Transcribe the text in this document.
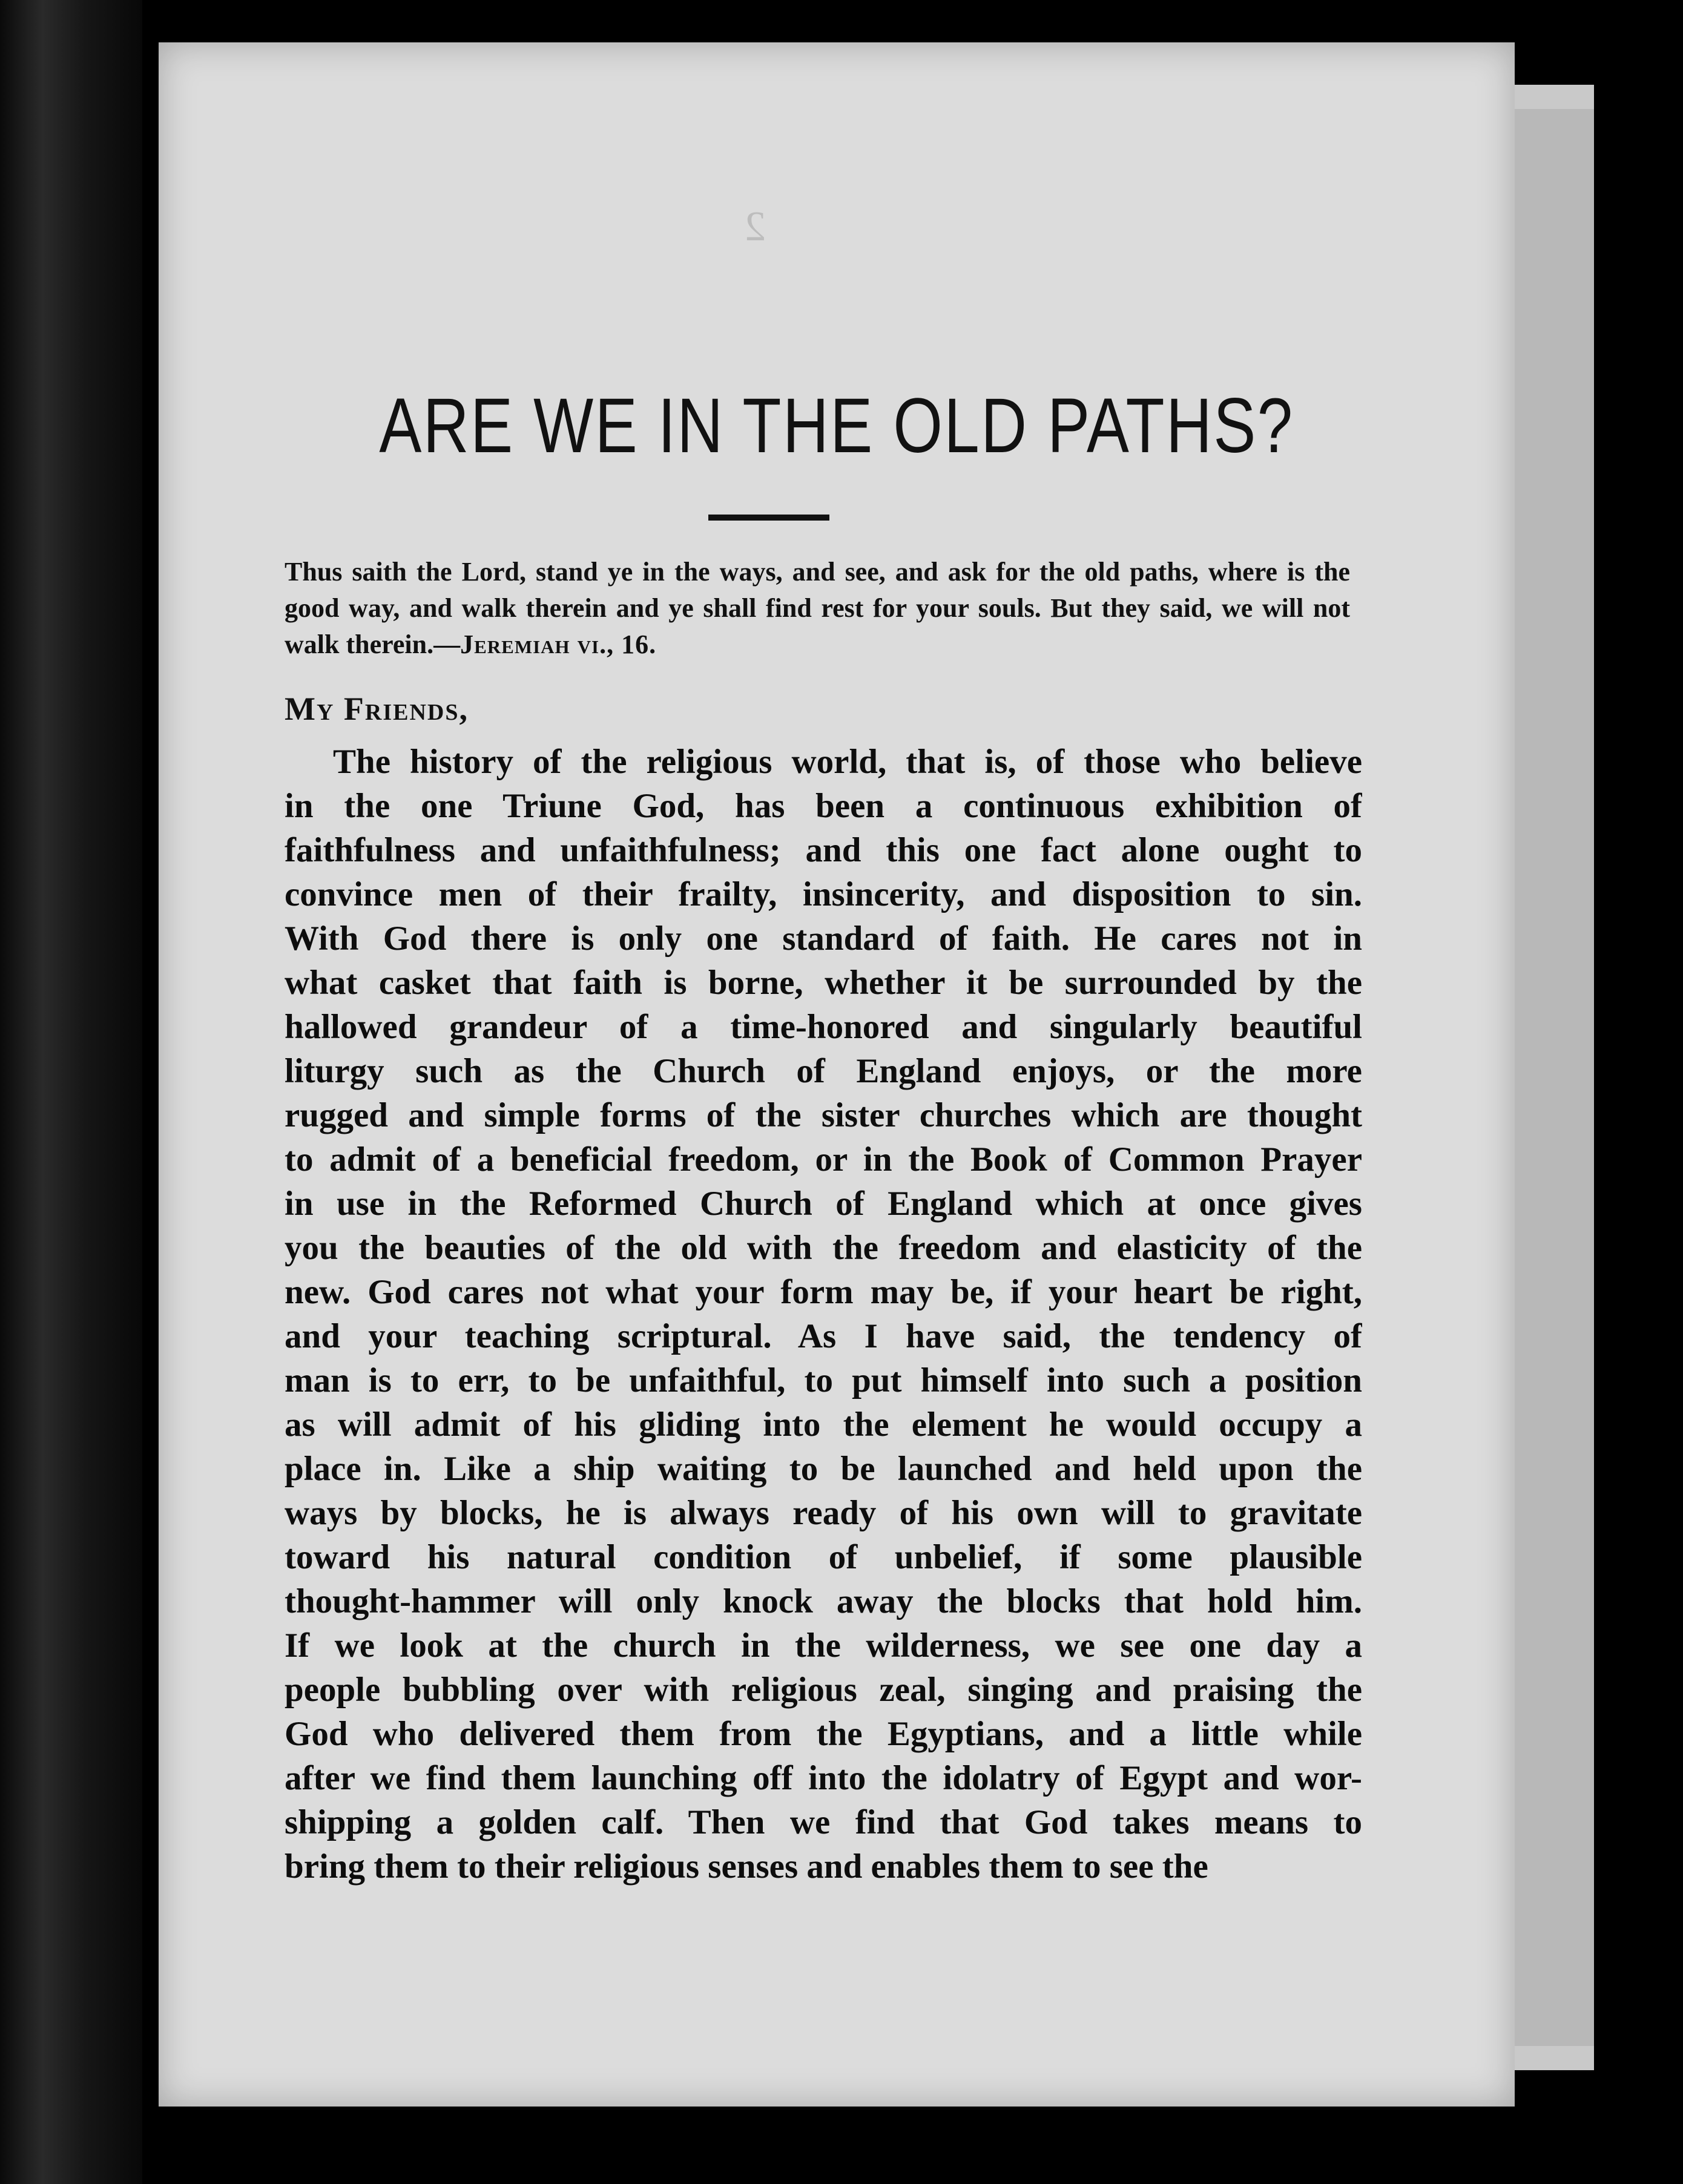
2
ARE WE IN THE OLD PATHS?
Thus saith the Lord, stand ye in the ways, and see, and ask for the old paths, where is the good way, and walk therein and ye shall find rest for your souls. But they said, we will not walk therein.—Jeremiah vi., 16.
My Friends,
The history of the religious world, that is, of those who believe
in the one Triune God, has been a continuous exhibition of
faithfulness and unfaithfulness; and this one fact alone ought to
convince men of their frailty, insincerity, and disposition to sin.
With God there is only one standard of faith. He cares not in
what casket that faith is borne, whether it be surrounded by the
hallowed grandeur of a time-honored and singularly beautiful
liturgy such as the Church of England enjoys, or the more
rugged and simple forms of the sister churches which are thought
to admit of a beneficial freedom, or in the Book of Common Prayer
in use in the Reformed Church of England which at once gives
you the beauties of the old with the freedom and elasticity of the
new. God cares not what your form may be, if your heart be right,
and your teaching scriptural. As I have said, the tendency of
man is to err, to be unfaithful, to put himself into such a position
as will admit of his gliding into the element he would occupy a
place in. Like a ship waiting to be launched and held upon the
ways by blocks, he is always ready of his own will to gravitate
toward his natural condition of unbelief, if some plausible
thought-hammer will only knock away the blocks that hold him.
If we look at the church in the wilderness, we see one day a
people bubbling over with religious zeal, singing and praising the
God who delivered them from the Egyptians, and a little while
after we find them launching off into the idolatry of Egypt and wor-
shipping a golden calf. Then we find that God takes means to
bring them to their religious senses and enables them to see the
